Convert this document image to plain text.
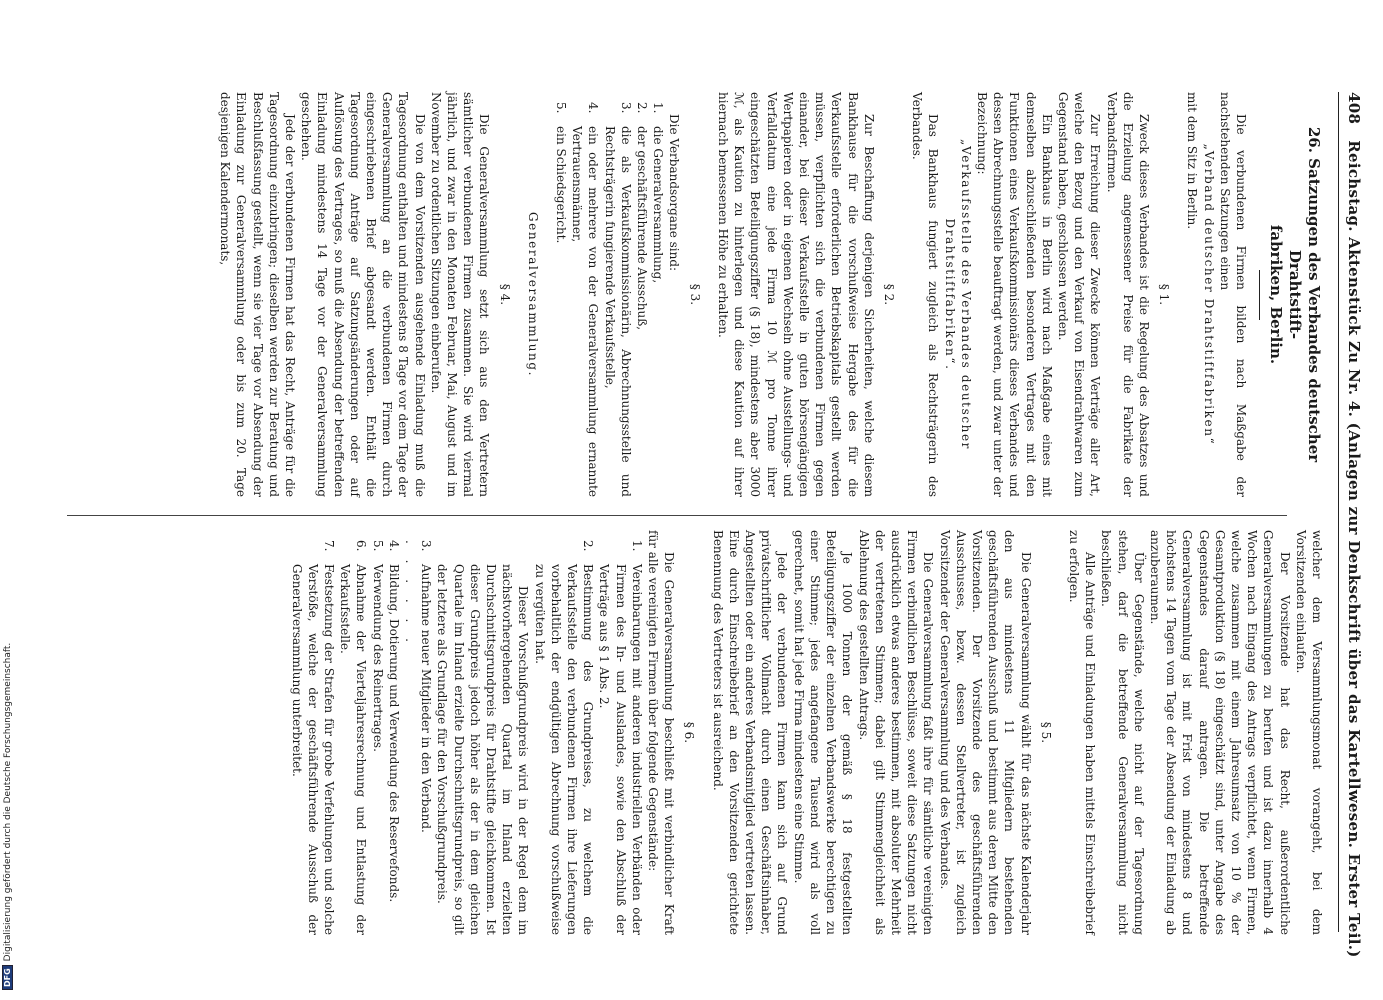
408
Reichstag. Aktenstück Zu Nr. 4. (Anlagen zur Denkschrift über das Kartellwesen. Erster Teil.)
26. Satzungen des Verbandes deutscher Drahtstift-
fabriken, Berlin.

Die verbundenen Firmen bilden nach Maßgabe der nachstehenden Satzungen einen

„Verband deutscher Drahtstiftfabriken“

mit dem Sitz in Berlin.

§ 1.

Zweck dieses Verbandes ist die Regelung des Absatzes und die Erzielung angemessener Preise für die Fabrikate der Verbandsfirmen.

Zur Erreichung dieser Zwecke können Verträge aller Art, welche den Bezug und den Verkauf von Eisendrahtwaren zum Gegenstand haben, geschlossen werden.

Ein Bankhaus in Berlin wird nach Maßgabe eines mit demselben abzuschließenden besonderen Vertrages mit den Funktionen eines Verkaufskommissionärs dieses Verbandes und dessen Abrechnungsstelle beauftragt werden, und zwar unter der Bezeichnung:

„Verkaufsstelle des Verbandes deutscher Drahtstiftfabriken“.

Das Bankhaus fungiert zugleich als Rechtsträgerin des Verbandes.

§ 2.

Zur Beschaffung derjenigen Sicherheiten, welche diesem Bankhause für die vorschußweise Hergabe des für die Verkaufsstelle erforderlichen Betriebskapitals gestellt werden müssen, verpflichten sich die verbundenen Firmen gegen einander, bei dieser Verkaufsstelle in guten börsengängigen Wertpapieren oder in eigenen Wechseln ohne Ausstellungs- und Verfalldatum eine jede Firma 10 ℳ pro Tonne ihrer eingeschätzten Beteiligungsziffer (§ 18), mindestens aber 3000 ℳ, als Kaution zu hinterlegen und diese Kaution auf ihrer hiernach bemessenen Höhe zu erhalten.

§ 3.

Die Verbandsorgane sind:

1.
die Generalversammlung,
2.
der geschäftsführende Ausschuß,
3.
die als Verkaufskommissionärin, Abrechnungsstelle und Rechtsträgerin fungierende Verkaufsstelle,
4.
ein oder mehrere von der Generalversammlung ernannte Vertrauensmänner,
5.
ein Schiedsgericht.
Generalversammlung.
§ 4.

Die Generalversammlung setzt sich aus den Vertretern sämtlicher verbundenen Firmen zusammen. Sie wird viermal jährlich, und zwar in den Monaten Februar, Mai, August und im November zu ordentlichen Sitzungen einberufen.

Die von dem Vorsitzenden ausgehende Einladung muß die Tagesordnung enthalten und mindestens 8 Tage vor dem Tage der Generalversammlung an die verbundenen Firmen durch eingeschriebenen Brief abgesandt werden. Enthält die Tagesordnung Anträge auf Satzungsänderungen oder auf Auflösung des Vertrages, so muß die Absendung der betreffenden Einladung mindestens 14 Tage vor der Generalversammlung geschehen.

Jede der verbundenen Firmen hat das Recht, Anträge für die Tagesordnung einzubringen; dieselben werden zur Beratung und Beschlußfassung gestellt, wenn sie vier Tage vor Absendung der Einladung zur Generalversammlung oder bis zum 20. Tage desjenigen Kalendermonats,

welcher dem Versammlungsmonat vorangeht, bei dem Vorsitzenden einlaufen.

Der Vorsitzende hat das Recht, außerordentliche Generalversammlungen zu berufen und ist dazu innerhalb 4 Wochen nach Eingang des Antrags verpflichtet, wenn Firmen, welche zusammen mit einem Jahresumsatz von 10 % der Gesamtproduktion (§ 18) eingeschätzt sind, unter Angabe des Gegenstandes darauf antragen. Die betreffende Generalversammlung ist mit Frist von mindestens 8 und höchstens 14 Tagen vom Tage der Absendung der Einladung ab anzuberaumen.

Über Gegenstände, welche nicht auf der Tagesordnung stehen, darf die betreffende Generalversammlung nicht beschließen.

Alle Anträge und Einladungen haben mittels Einschreibebrief zu erfolgen.

§ 5.

Die Generalversammlung wählt für das nächste Kalenderjahr den aus mindestens 11 Mitgliedern bestehenden geschäftsführenden Ausschuß und bestimmt aus deren Mitte den Vorsitzenden. Der Vorsitzende des geschäftsführenden Ausschusses, bezw. dessen Stellvertreter, ist zugleich Vorsitzender der Generalversammlung und des Verbandes.

Die Generalversammlung faßt ihre für sämtliche vereinigten Firmen verbindlichen Beschlüsse, soweit diese Satzungen nicht ausdrücklich etwas anderes bestimmen, mit absoluter Mehrheit der vertretenen Stimmen; dabei gilt Stimmengleichheit als Ablehnung des gestellten Antrags.

Je 1000 Tonnen der gemäß § 18 festgestellten Beteiligungsziffer der einzelnen Verbandswerke berechtigen zu einer Stimme; jedes angefangene Tausend wird als voll gerechnet, somit hat jede Firma mindestens eine Stimme.

Jede der verbundenen Firmen kann sich auf Grund privatschriftlicher Vollmacht durch einen Geschäftsinhaber, Angestellten oder ein anderes Verbandsmitglied vertreten lassen. Eine durch Einschreibebrief an den Vorsitzenden gerichtete Benennung des Vertreters ist ausreichend.

§ 6.

Die Generalversammlung beschließt mit verbindlicher Kraft für alle vereinigten Firmen über folgende Gegenstände:

1.
Vereinbarungen mit anderen industriellen Verbänden oder Firmen des In- und Auslandes, sowie den Abschluß der Verträge aus § 1 Abs. 2.
2.
Bestimmung des Grundpreises, zu welchem die Verkaufsstelle den verbundenen Firmen ihre Lieferungen vorbehaltlich der endgültigen Abrechnung vorschußweise zu vergüten hat.
Dieser Vorschußgrundpreis wird in der Regel dem im nächstvorhergehenden Quartal im Inland erzielten Durchschnittsgrundpreis für Drahtstifte gleichkommen. Ist dieser Grundpreis jedoch höher als der in dem gleichen Quartale im Inland erzielte Durchschnittsgrundpreis, so gilt der letztere als Grundlage für den Vorschußgrundpreis.
3.
Aufnahme neuer Mitglieder in den Verband.
. . . . . .
4.
Bildung, Dotierung und Verwendung des Reservefonds.
5.
Verwendung des Reinertrages.
6.
Abnahme der Vierteljahresrechnung und Entlastung der Verkaufsstelle.
7.
Festsetzung der Strafen für grobe Verfehlungen und solche Verstöße, welche der geschäftsführende Ausschuß der Generalversammlung unterbreitet.
DFGDigitalisierung gefördert durch die Deutsche Forschungsgemeinschaft.
